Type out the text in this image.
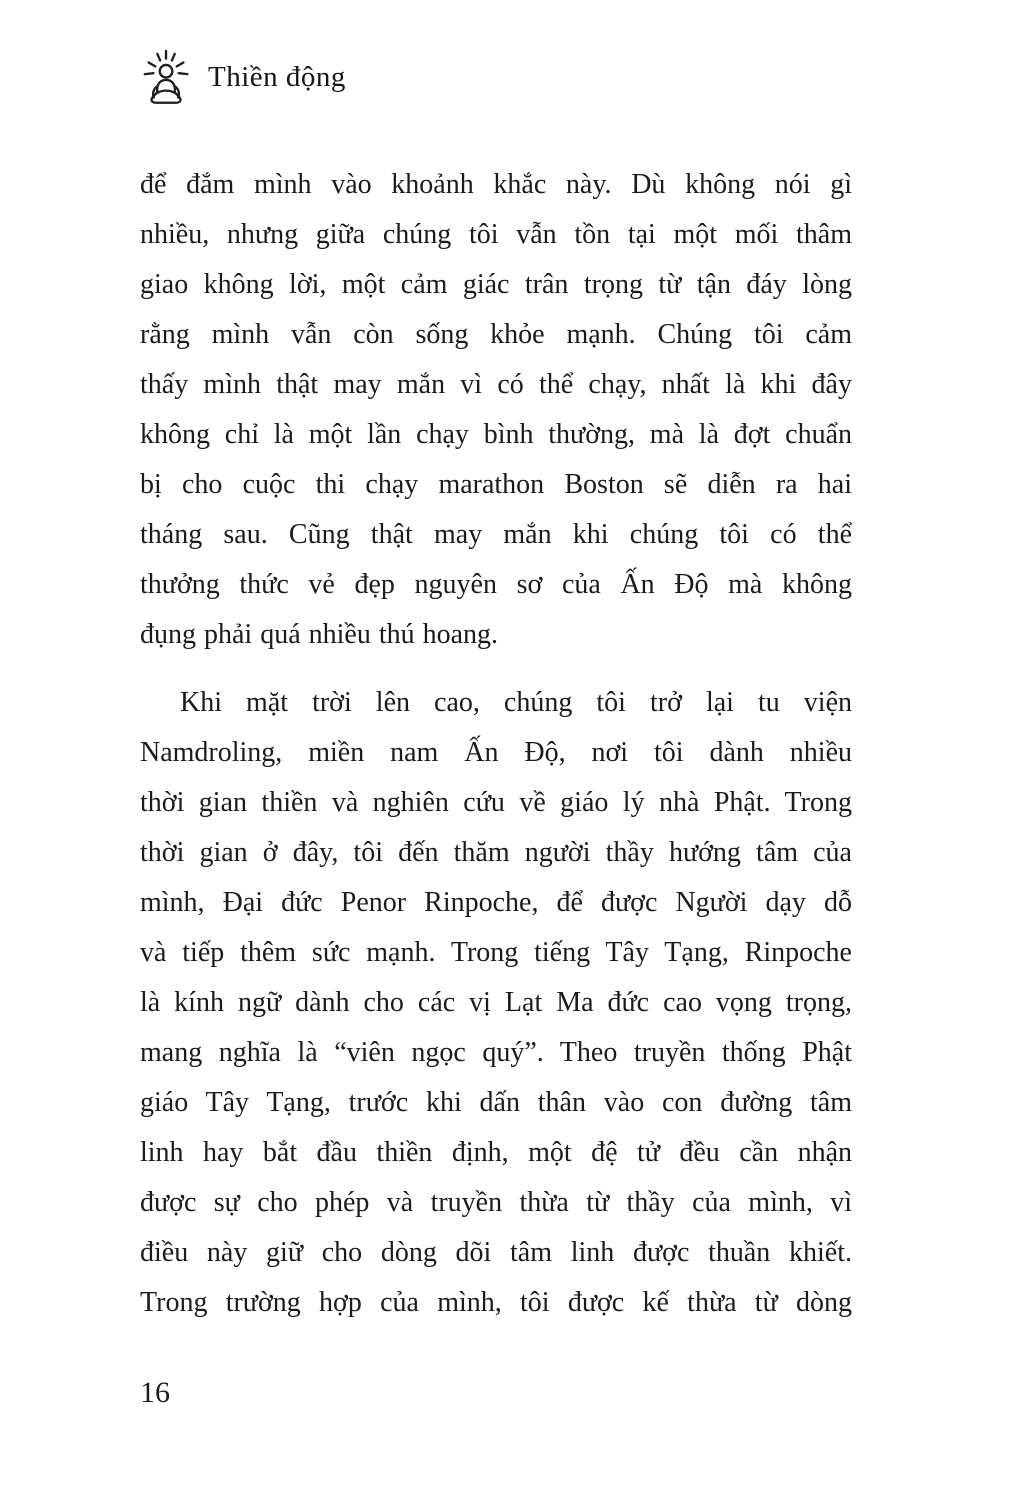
Thiền động
để đắm mình vào khoảnh khắc này. Dù không nói gì
nhiều, nhưng giữa chúng tôi vẫn tồn tại một mối thâm
giao không lời, một cảm giác trân trọng từ tận đáy lòng
rằng mình vẫn còn sống khỏe mạnh. Chúng tôi cảm
thấy mình thật may mắn vì có thể chạy, nhất là khi đây
không chỉ là một lần chạy bình thường, mà là đợt chuẩn
bị cho cuộc thi chạy marathon Boston sẽ diễn ra hai
tháng sau. Cũng thật may mắn khi chúng tôi có thể
thưởng thức vẻ đẹp nguyên sơ của Ấn Độ mà không
đụng phải quá nhiều thú hoang.
Khi mặt trời lên cao, chúng tôi trở lại tu viện
Namdroling, miền nam Ấn Độ, nơi tôi dành nhiều
thời gian thiền và nghiên cứu về giáo lý nhà Phật. Trong
thời gian ở đây, tôi đến thăm người thầy hướng tâm của
mình, Đại đức Penor Rinpoche, để được Người dạy dỗ
và tiếp thêm sức mạnh. Trong tiếng Tây Tạng, Rinpoche
là kính ngữ dành cho các vị Lạt Ma đức cao vọng trọng,
mang nghĩa là “viên ngọc quý”. Theo truyền thống Phật
giáo Tây Tạng, trước khi dấn thân vào con đường tâm
linh hay bắt đầu thiền định, một đệ tử đều cần nhận
được sự cho phép và truyền thừa từ thầy của mình, vì
điều này giữ cho dòng dõi tâm linh được thuần khiết.
Trong trường hợp của mình, tôi được kế thừa từ dòng
16
